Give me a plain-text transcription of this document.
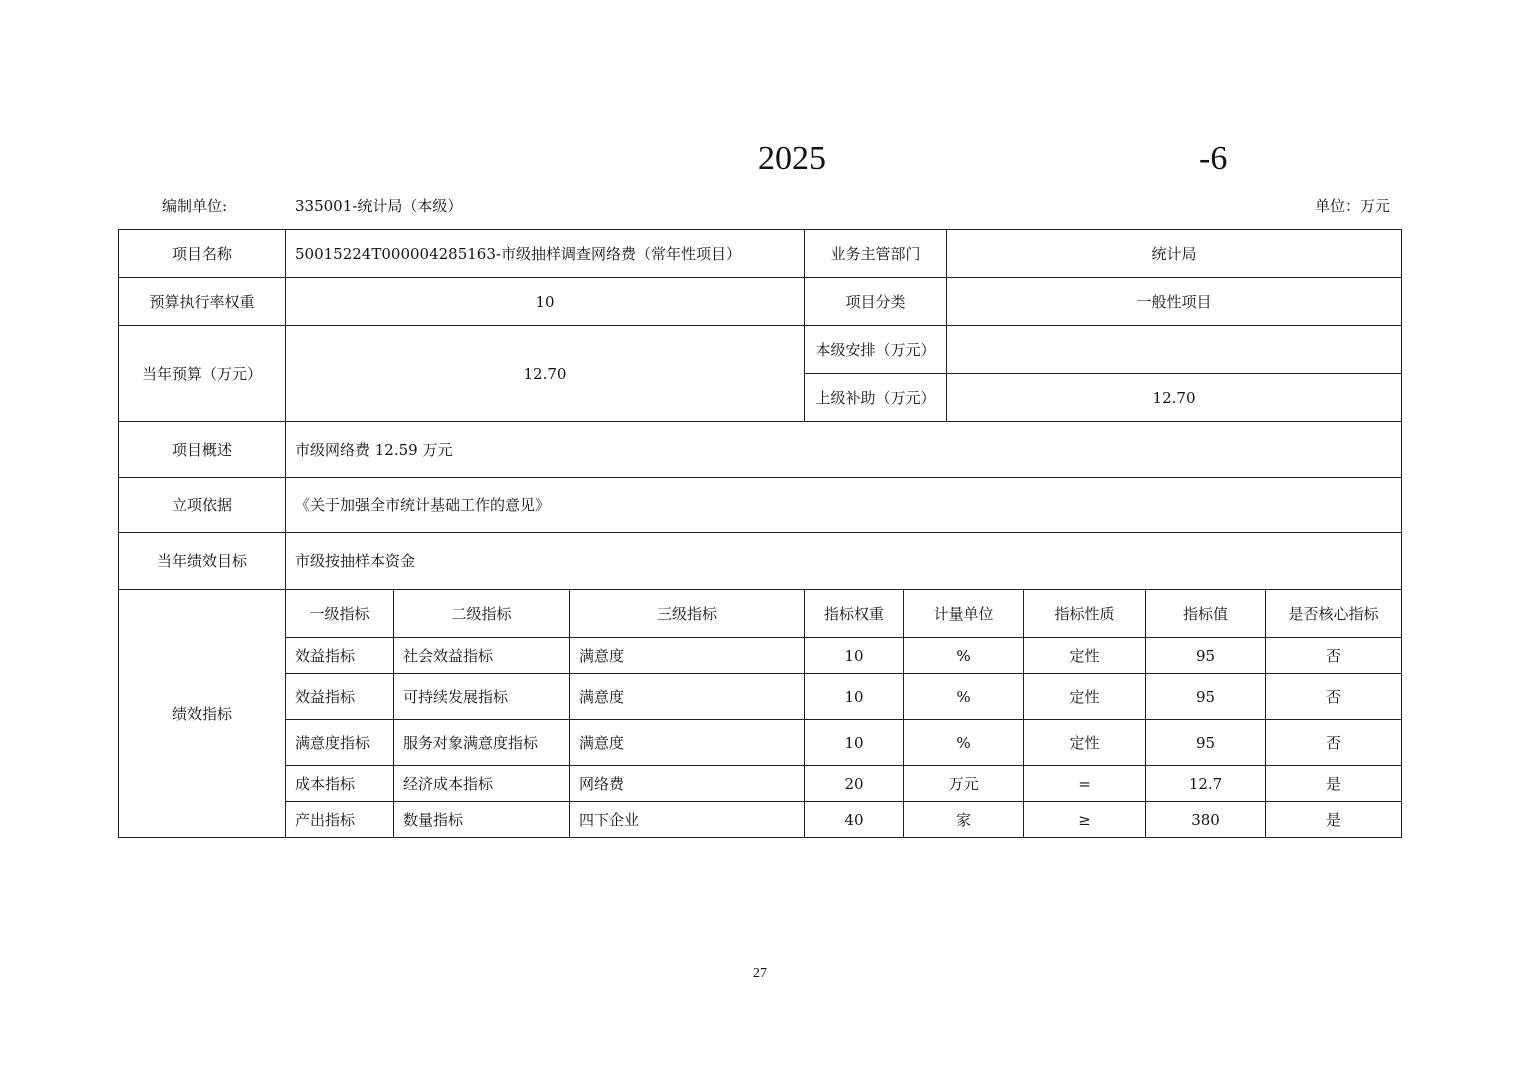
2025	-6
编制单位:	335001-统计局（本级）	单位：万元
项目名称	50015224T000004285163-市级抽样调查网络费（常年性项目）			业务主管部门		统计局			
预算执行率权重	10			项目分类		一般性项目			
当年预算（万元）	12.70			本级安排（万元）					
				上级补助（万元）		12.70			
项目概述	市级网络费 12.59 万元								
立项依据	《关于加强全市统计基础工作的意见》								
当年绩效目标	市级按抽样本资金								
绩效指标	一级指标	二级指标	三级指标	指标权重	计量单位		指标性质	指标值	是否核心指标
	效益指标	社会效益指标	满意度	10	%		定性	95	否
	效益指标	可持续发展指标	满意度	10	%		定性	95	否
	满意度指标	服务对象满意度指标	满意度	10	%		定性	95	否
	成本指标	经济成本指标	网络费	20	万元		=	12.7	是
	产出指标	数量指标	四下企业	40	家		≥	380	是
27
